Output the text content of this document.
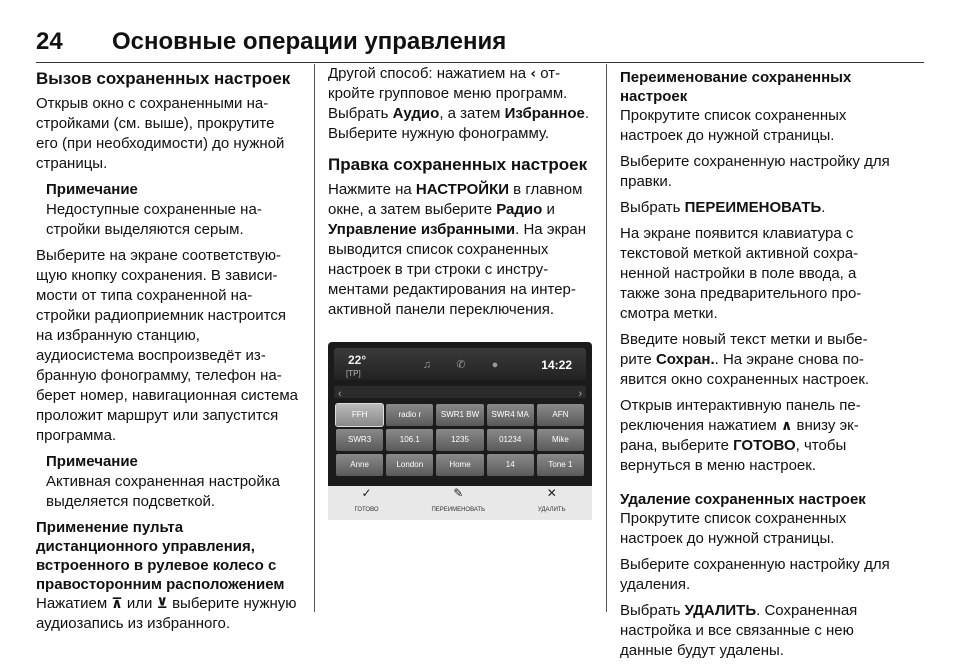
24 Основные операции управления
Вызов сохраненных настроек

Открыв окно с сохраненными настройками (см. выше), прокрутите его (при необходимости) до нужной страницы.

Примечание
Недоступные сохраненные настройки выделяются серым.

Выберите на экране соответствующую кнопку сохранения. В зависимости от типа сохраненной настройки радиоприемник настроится на избранную станцию, аудиосистема воспроизведёт избранную фонограмму, телефон наберет номер, навигационная система проложит маршрут или запустится программа.

Примечание
Активная сохраненная настройка выделяется подсветкой.
Применение пульта дистанционного управления, встроенного в рулевое колесо с правосторонним расположением

Нажатием ⊼ или ⊻ выберите нужную аудиозапись из избранного.

Другой способ: нажатием на ‹ откройте групповое меню программ. Выбрать Аудио, а затем Избранное. Выберите нужную фонограмму.

Правка сохраненных настроек

Нажмите на НАСТРОЙКИ в главном окне, а затем выберите Радио и Управление избранными. На экран выводится список сохраненных настроек в три строки с инструментами редактирования на интерактивной панели переключения.

22°
[TP]
♫	✆	●	14:22
‹	›
FFH	radio r	SWR1 BW	SWR4 MA	AFN
SWR3	106.1	1235	01234	Mike
Anne	London	Home	14	Tone 1
✓
ГОТОВО
✎
ПЕРЕИМЕНОВАТЬ
✕
УДАЛИТЬ
Переименование сохраненных настроек

Прокрутите список сохраненных настроек до нужной страницы.

Выберите сохраненную настройку для правки.

Выбрать ПЕРЕИМЕНОВАТЬ.

На экране появится клавиатура с текстовой меткой активной сохраненной настройки в поле ввода, а также зона предварительного просмотра метки.

Введите новый текст метки и выберите Сохран.. На экране снова появится окно сохраненных настроек.

Открыв интерактивную панель переключения нажатием ∧ внизу экрана, выберите ГОТОВО, чтобы вернуться в меню настроек.

Удаление сохраненных настроек

Прокрутите список сохраненных настроек до нужной страницы.

Выберите сохраненную настройку для удаления.

Выбрать УДАЛИТЬ. Сохраненная настройка и все связанные с нею данные будут удалены.
